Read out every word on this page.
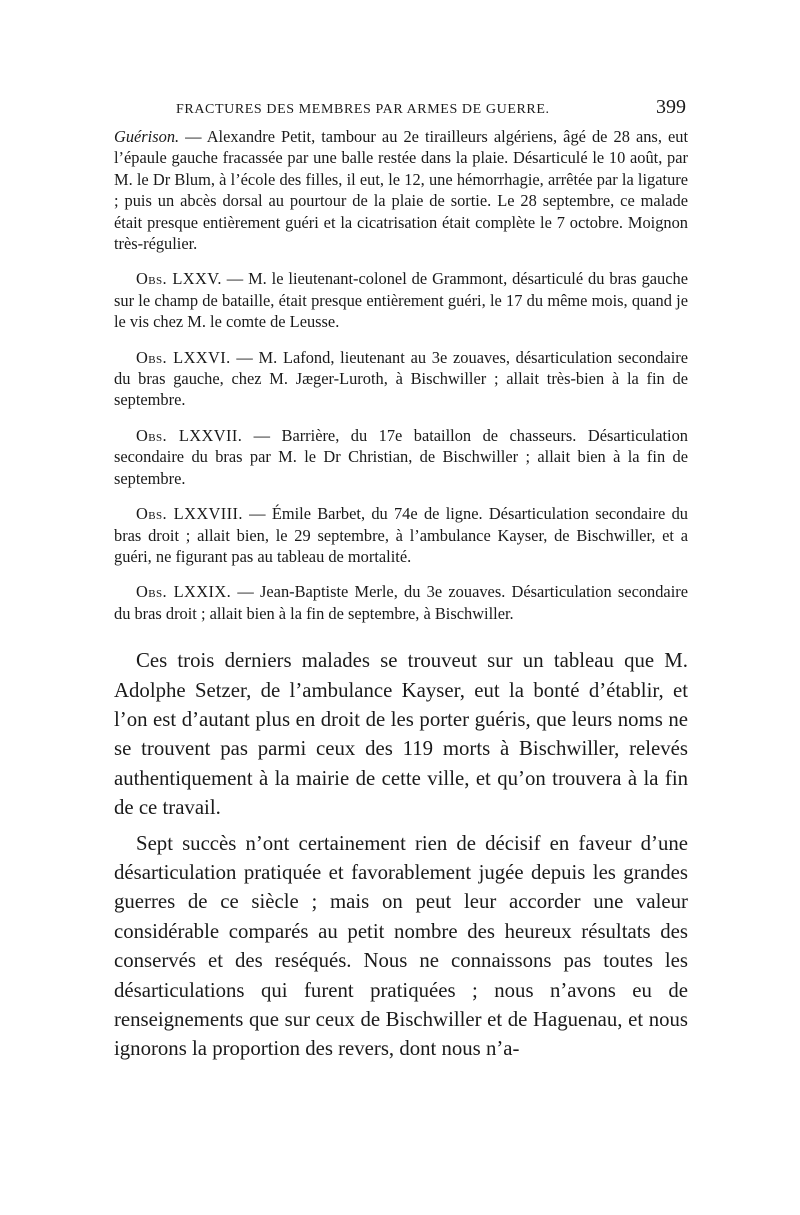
FRACTURES DES MEMBRES PAR ARMES DE GUERRE.	399

Guérison. — Alexandre Petit, tambour au 2e tirailleurs algériens, âgé de 28 ans, eut l’épaule gauche fracassée par une balle restée dans la plaie. Désarticulé le 10 août, par M. le Dr Blum, à l’école des filles, il eut, le 12, une hémorrhagie, arrêtée par la ligature ; puis un abcès dorsal au pourtour de la plaie de sortie. Le 28 septembre, ce malade était presque entièrement guéri et la cicatrisation était complète le 7 octobre. Moignon très-régulier.

Obs. LXXV. — M. le lieutenant-colonel de Grammont, désarticulé du bras gauche sur le champ de bataille, était presque entièrement guéri, le 17 du même mois, quand je le vis chez M. le comte de Leusse.

Obs. LXXVI. — M. Lafond, lieutenant au 3e zouaves, désarticulation secondaire du bras gauche, chez M. Jæger-Luroth, à Bischwiller ; allait très-bien à la fin de septembre.

Obs. LXXVII. — Barrière, du 17e bataillon de chasseurs. Désarticulation secondaire du bras par M. le Dr Christian, de Bischwiller ; allait bien à la fin de septembre.

Obs. LXXVIII. — Émile Barbet, du 74e de ligne. Désarticulation secondaire du bras droit ; allait bien, le 29 septembre, à l’ambulance Kayser, de Bischwiller, et a guéri, ne figurant pas au tableau de mortalité.

Obs. LXXIX. — Jean-Baptiste Merle, du 3e zouaves. Désarticulation secondaire du bras droit ; allait bien à la fin de septembre, à Bischwiller.

Ces trois derniers malades se trouveut sur un tableau que M. Adolphe Setzer, de l’ambulance Kayser, eut la bonté d’établir, et l’on est d’autant plus en droit de les porter guéris, que leurs noms ne se trouvent pas parmi ceux des 119 morts à Bischwiller, relevés authentiquement à la mairie de cette ville, et qu’on trouvera à la fin de ce travail.

Sept succès n’ont certainement rien de décisif en faveur d’une désarticulation pratiquée et favorablement jugée depuis les grandes guerres de ce siècle ; mais on peut leur accorder une valeur considérable comparés au petit nombre des heureux résultats des conservés et des reséqués. Nous ne connaissons pas toutes les désarticulations qui furent pratiquées ; nous n’avons eu de renseignements que sur ceux de Bischwiller et de Haguenau, et nous ignorons la proportion des revers, dont nous n’a-
